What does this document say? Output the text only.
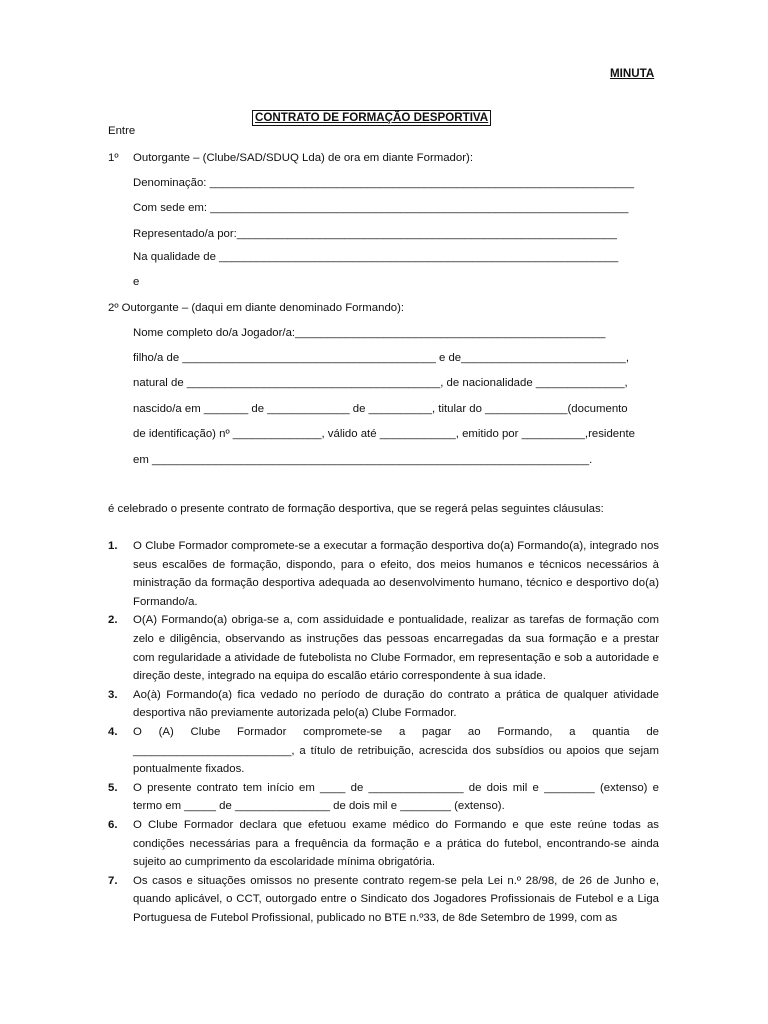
MINUTA
CONTRATO DE FORMAÇÃO DESPORTIVA
Entre
1º Outorgante – (Clube/SAD/SDUQ Lda) de ora em diante Formador):
Denominação: ___________________________________________________________________
Com sede em: __________________________________________________________________
Representado/a por:____________________________________________________________
Na qualidade de _______________________________________________________________
e
2º Outorgante – (daqui em diante denominado Formando):
Nome completo do/a Jogador/a:_________________________________________________
filho/a de ________________________________________ e de__________________________,
natural de ________________________________________, de nacionalidade ______________,
nascido/a em _______ de _____________ de __________, titular do _____________(documento
de identificação) nº ______________, válido até ____________, emitido por __________,residente
em _____________________________________________________________________.
é celebrado o presente contrato de formação desportiva, que se regerá pelas seguintes cláusulas:
1. O Clube Formador compromete-se a executar a formação desportiva do(a) Formando(a), integrado nos seus escalões de formação, dispondo, para o efeito, dos meios humanos e técnicos necessários à ministração da formação desportiva adequada ao desenvolvimento humano, técnico e desportivo do(a) Formando/a.
2. O(A) Formando(a) obriga-se a, com assiduidade e pontualidade, realizar as tarefas de formação com zelo e diligência, observando as instruções das pessoas encarregadas da sua formação e a prestar com regularidade a atividade de futebolista no Clube Formador, em representação e sob a autoridade e direção deste, integrado na equipa do escalão etário correspondente à sua idade.
3. Ao(à) Formando(a) fica vedado no período de duração do contrato a prática de qualquer atividade desportiva não previamente autorizada pelo(a) Clube Formador.
4. O (A) Clube Formador compromete-se a pagar ao Formando, a quantia de _________________________, a título de retribuição, acrescida dos subsídios ou apoios que sejam pontualmente fixados.
5. O presente contrato tem início em ____ de _______________ de dois mil e ________ (extenso) e termo em _____ de _______________ de dois mil e ________ (extenso).
6. O Clube Formador declara que efetuou exame médico do Formando e que este reúne todas as condições necessárias para a frequência da formação e a prática do futebol, encontrando-se ainda sujeito ao cumprimento da escolaridade mínima obrigatória.
7. Os casos e situações omissos no presente contrato regem-se pela Lei n.º 28/98, de 26 de Junho e, quando aplicável, o CCT, outorgado entre o Sindicato dos Jogadores Profissionais de Futebol e a Liga Portuguesa de Futebol Profissional, publicado no BTE n.º33, de 8de Setembro de 1999, com as
